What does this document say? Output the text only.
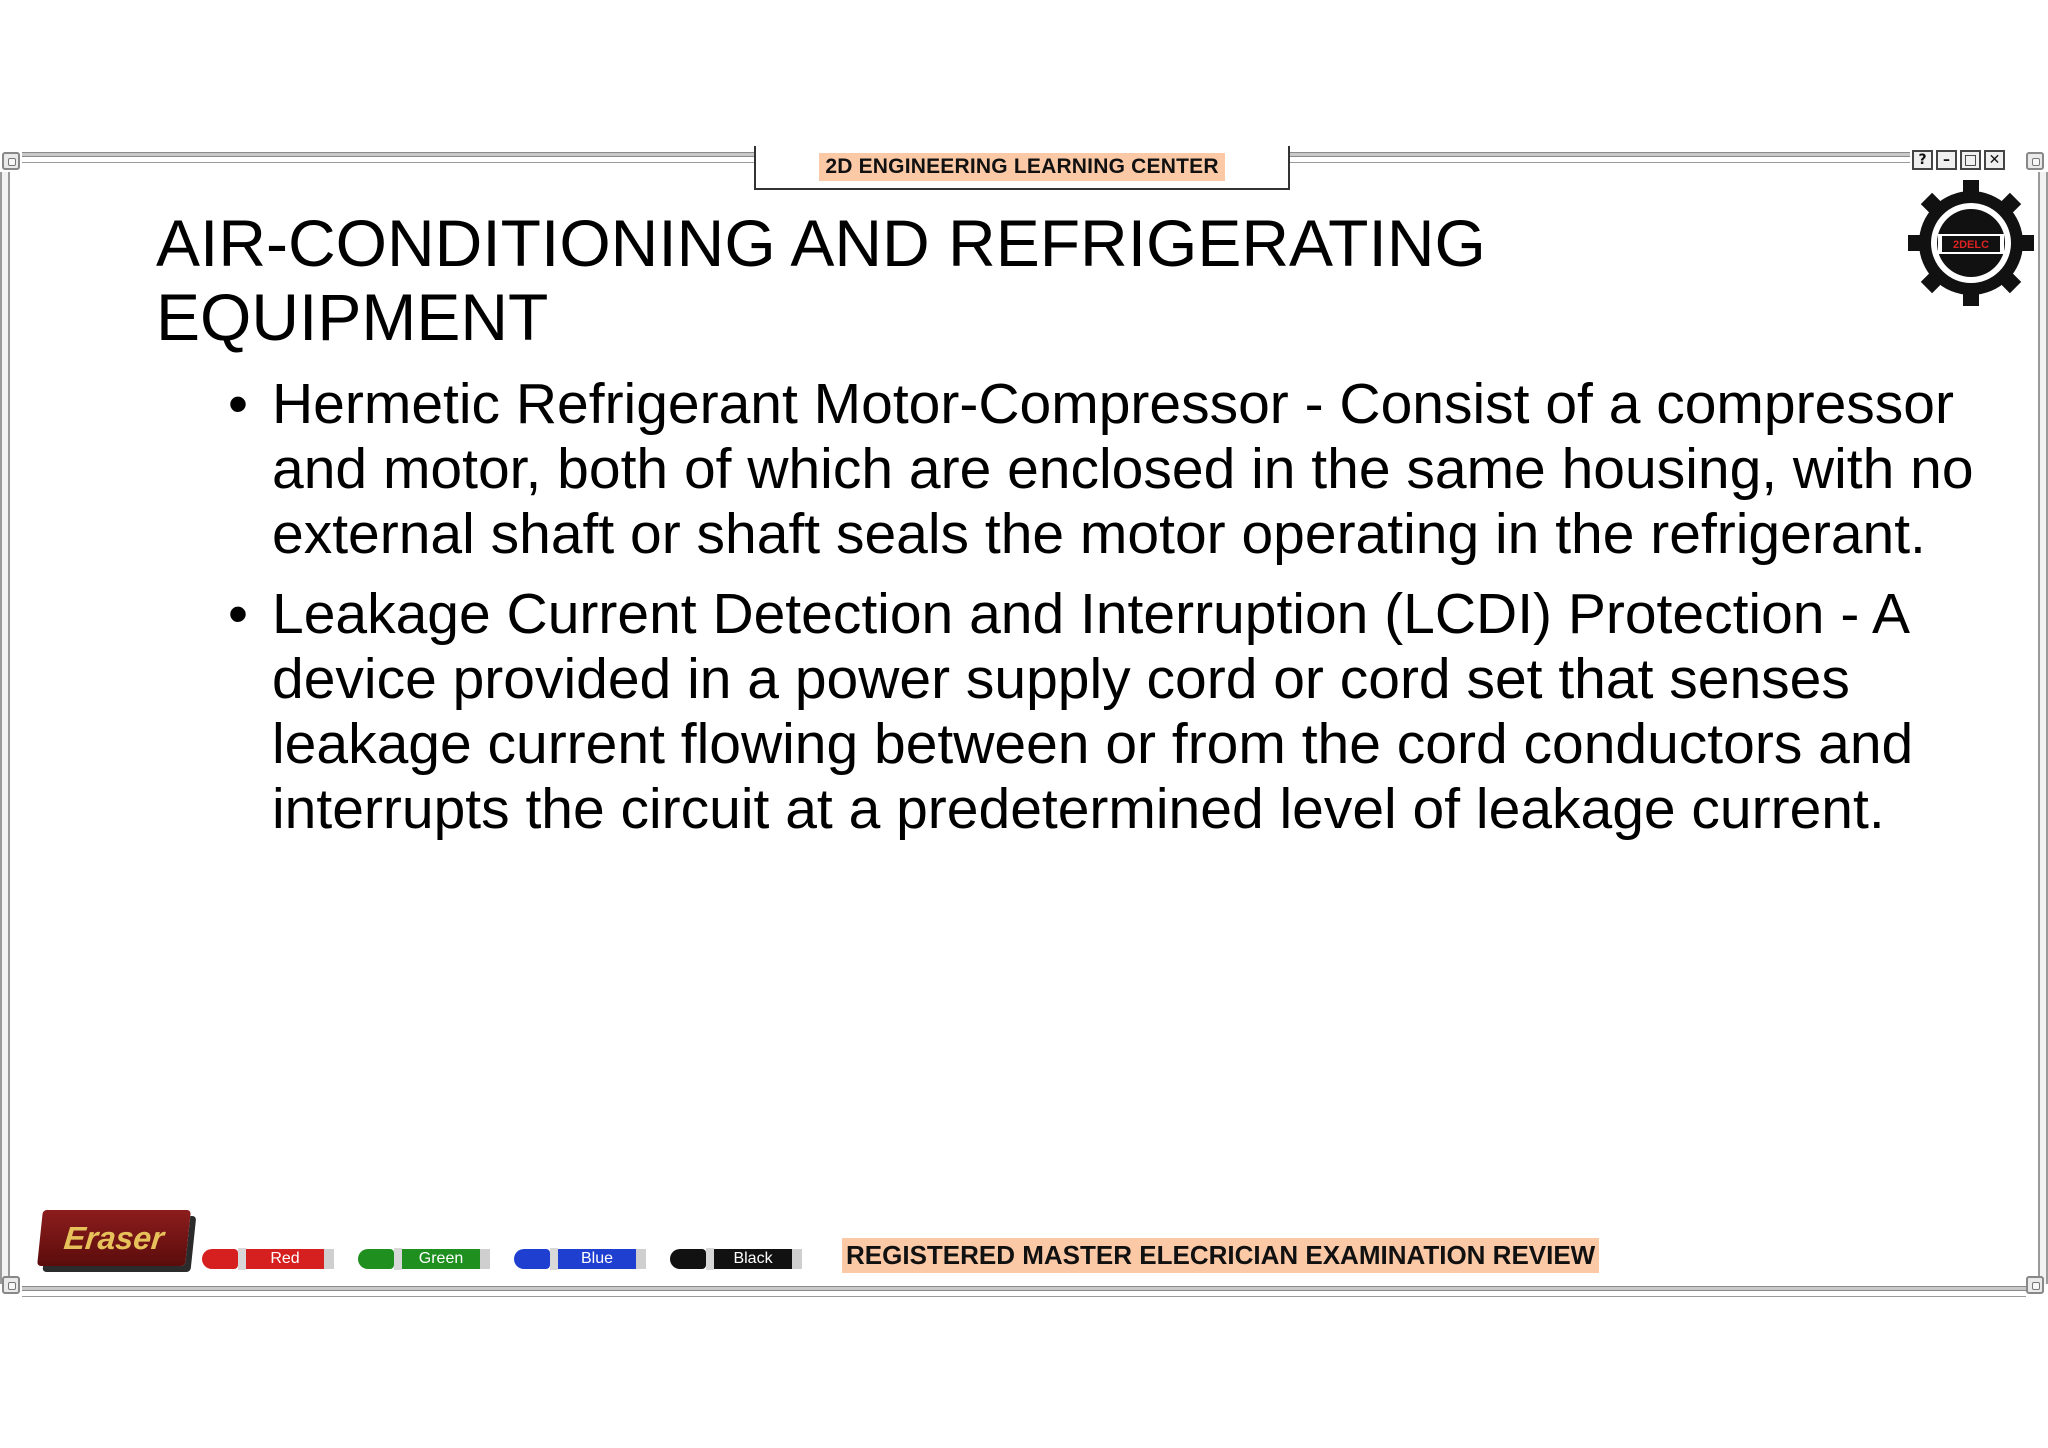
2D ENGINEERING LEARNING CENTER	?	– □ ✕
2DELC
AIR-CONDITIONING AND REFRIGERATING
EQUIPMENT
• Hermetic Refrigerant Motor-Compressor - Consist of a compressor and motor, both of which are enclosed in the same housing, with no external shaft or shaft seals the motor operating in the refrigerant.
• Leakage Current Detection and Interruption (LCDI) Protection - A device provided in a power supply cord or cord set that senses leakage current flowing between or from the cord conductors and interrupts the circuit at a predetermined level of leakage current.
Eraser
Red	Green	Blue	Black	REGISTERED MASTER ELECRICIAN EXAMINATION REVIEW
